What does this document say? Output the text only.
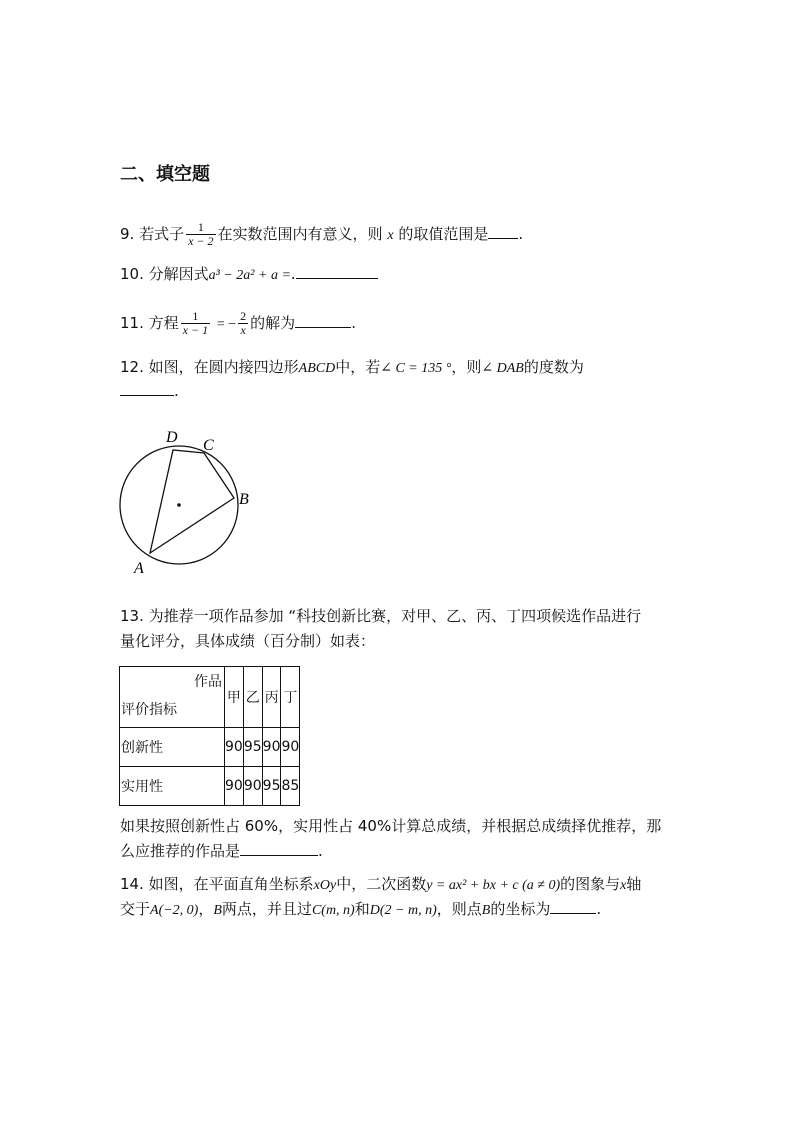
二、填空题
9. 若式子 $\frac{1}{x - 2}$ 在实数范围内有意义，则 x 的取值范围是 .
10. 分解因式a³ − 2a² + a =.
11. 方程 $\frac{1}{x - 1}$ = − $\frac{2}{x}$ 的解为	.
12. 如图，在圆内接四边形ABCD中，若∠ C = 135 °，则∠ DAB的度数为
.
A
B
C
D
13. 为推荐一项作品参加 “科技创新比赛，对甲、乙、丙、丁四项候选作品进行
量化评分，具体成绩（百分制）如表：
作品
评价指标	甲	乙	丙	丁
创新性	90	95	90	90
实用性	90	90	95	85
如果按照创新性占 60%，实用性占 40%计算总成绩，并根据总成绩择优推荐，那
么应推荐的作品是	.
14. 如图，在平面直角坐标系xOy中，二次函数y = ax² + bx + c (a ≠ 0)的图象与x轴
交于A(−2, 0)，B两点，并且过C(m, n)和D(2 − m, n)，则点B的坐标为	.
